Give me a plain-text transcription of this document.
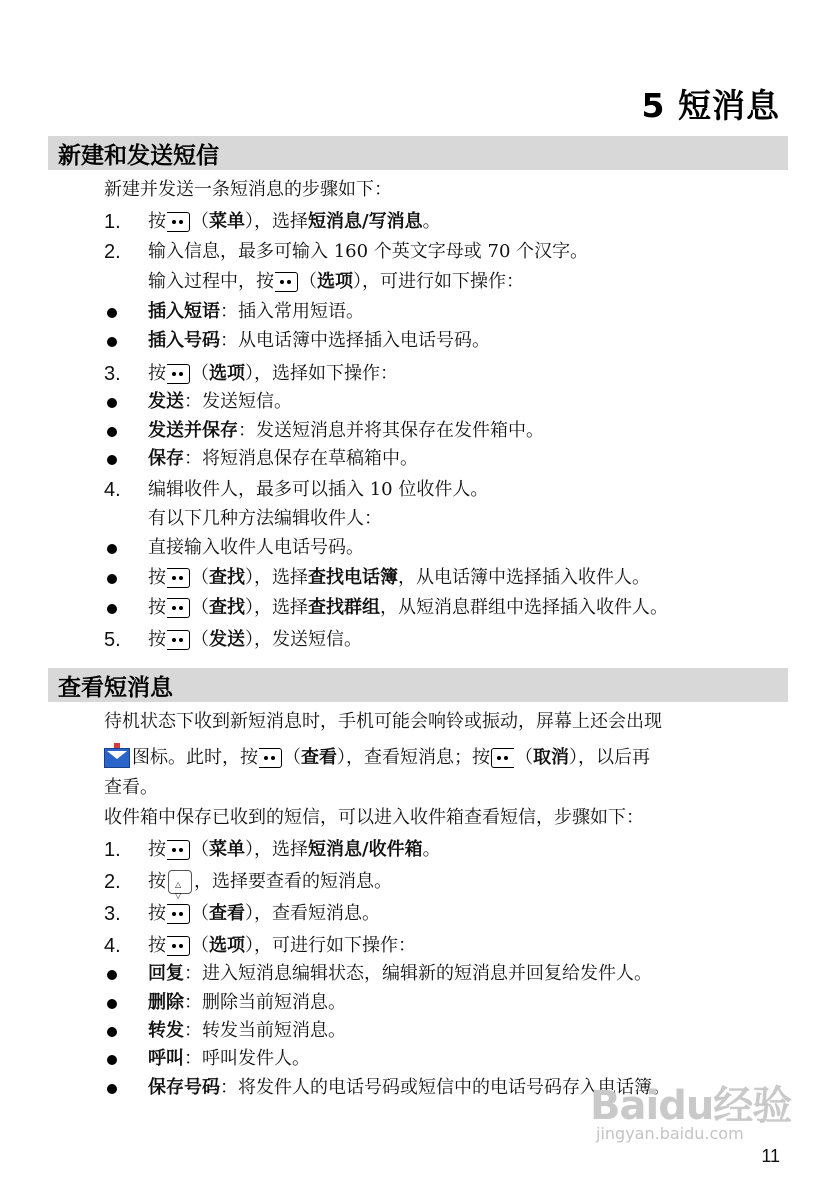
5 短消息
新建和发送短信
新建并发送一条短消息的步骤如下：
1. 按 （菜单），选择短消息/写消息。
2. 输入信息，最多可输入 160 个英文字母或 70 个汉字。
输入过程中，按 （选项），可进行如下操作：
插入短语：插入常用短语。
插入号码：从电话簿中选择插入电话号码。
3. 按 （选项），选择如下操作：
发送：发送短信。
发送并保存：发送短消息并将其保存在发件箱中。
保存：将短消息保存在草稿箱中。
4. 编辑收件人，最多可以插入 10 位收件人。
有以下几种方法编辑收件人：
直接输入收件人电话号码。
按 （查找），选择查找电话簿，从电话簿中选择插入收件人。
按 （查找），选择查找群组，从短消息群组中选择插入收件人。
5. 按 （发送），发送短信。
查看短消息
待机状态下收到新短消息时，手机可能会响铃或振动，屏幕上还会出现
图标。此时，按 （查看），查看短消息；按 （取消），以后再
查看。
收件箱中保存已收到的短信，可以进入收件箱查看短信，步骤如下：
1. 按 （菜单），选择短消息/收件箱。
2. 按△ ▽ ，选择要查看的短消息。
3. 按 （查看），查看短消息。
4. 按 （选项），可进行如下操作：
回复：进入短消息编辑状态，编辑新的短消息并回复给发件人。
删除：删除当前短消息。
转发：转发当前短消息。
呼叫：呼叫发件人。
保存号码：将发件人的电话号码或短信中的电话号码存入电话簿。
Baidu经验
jingyan.baidu.com
11
